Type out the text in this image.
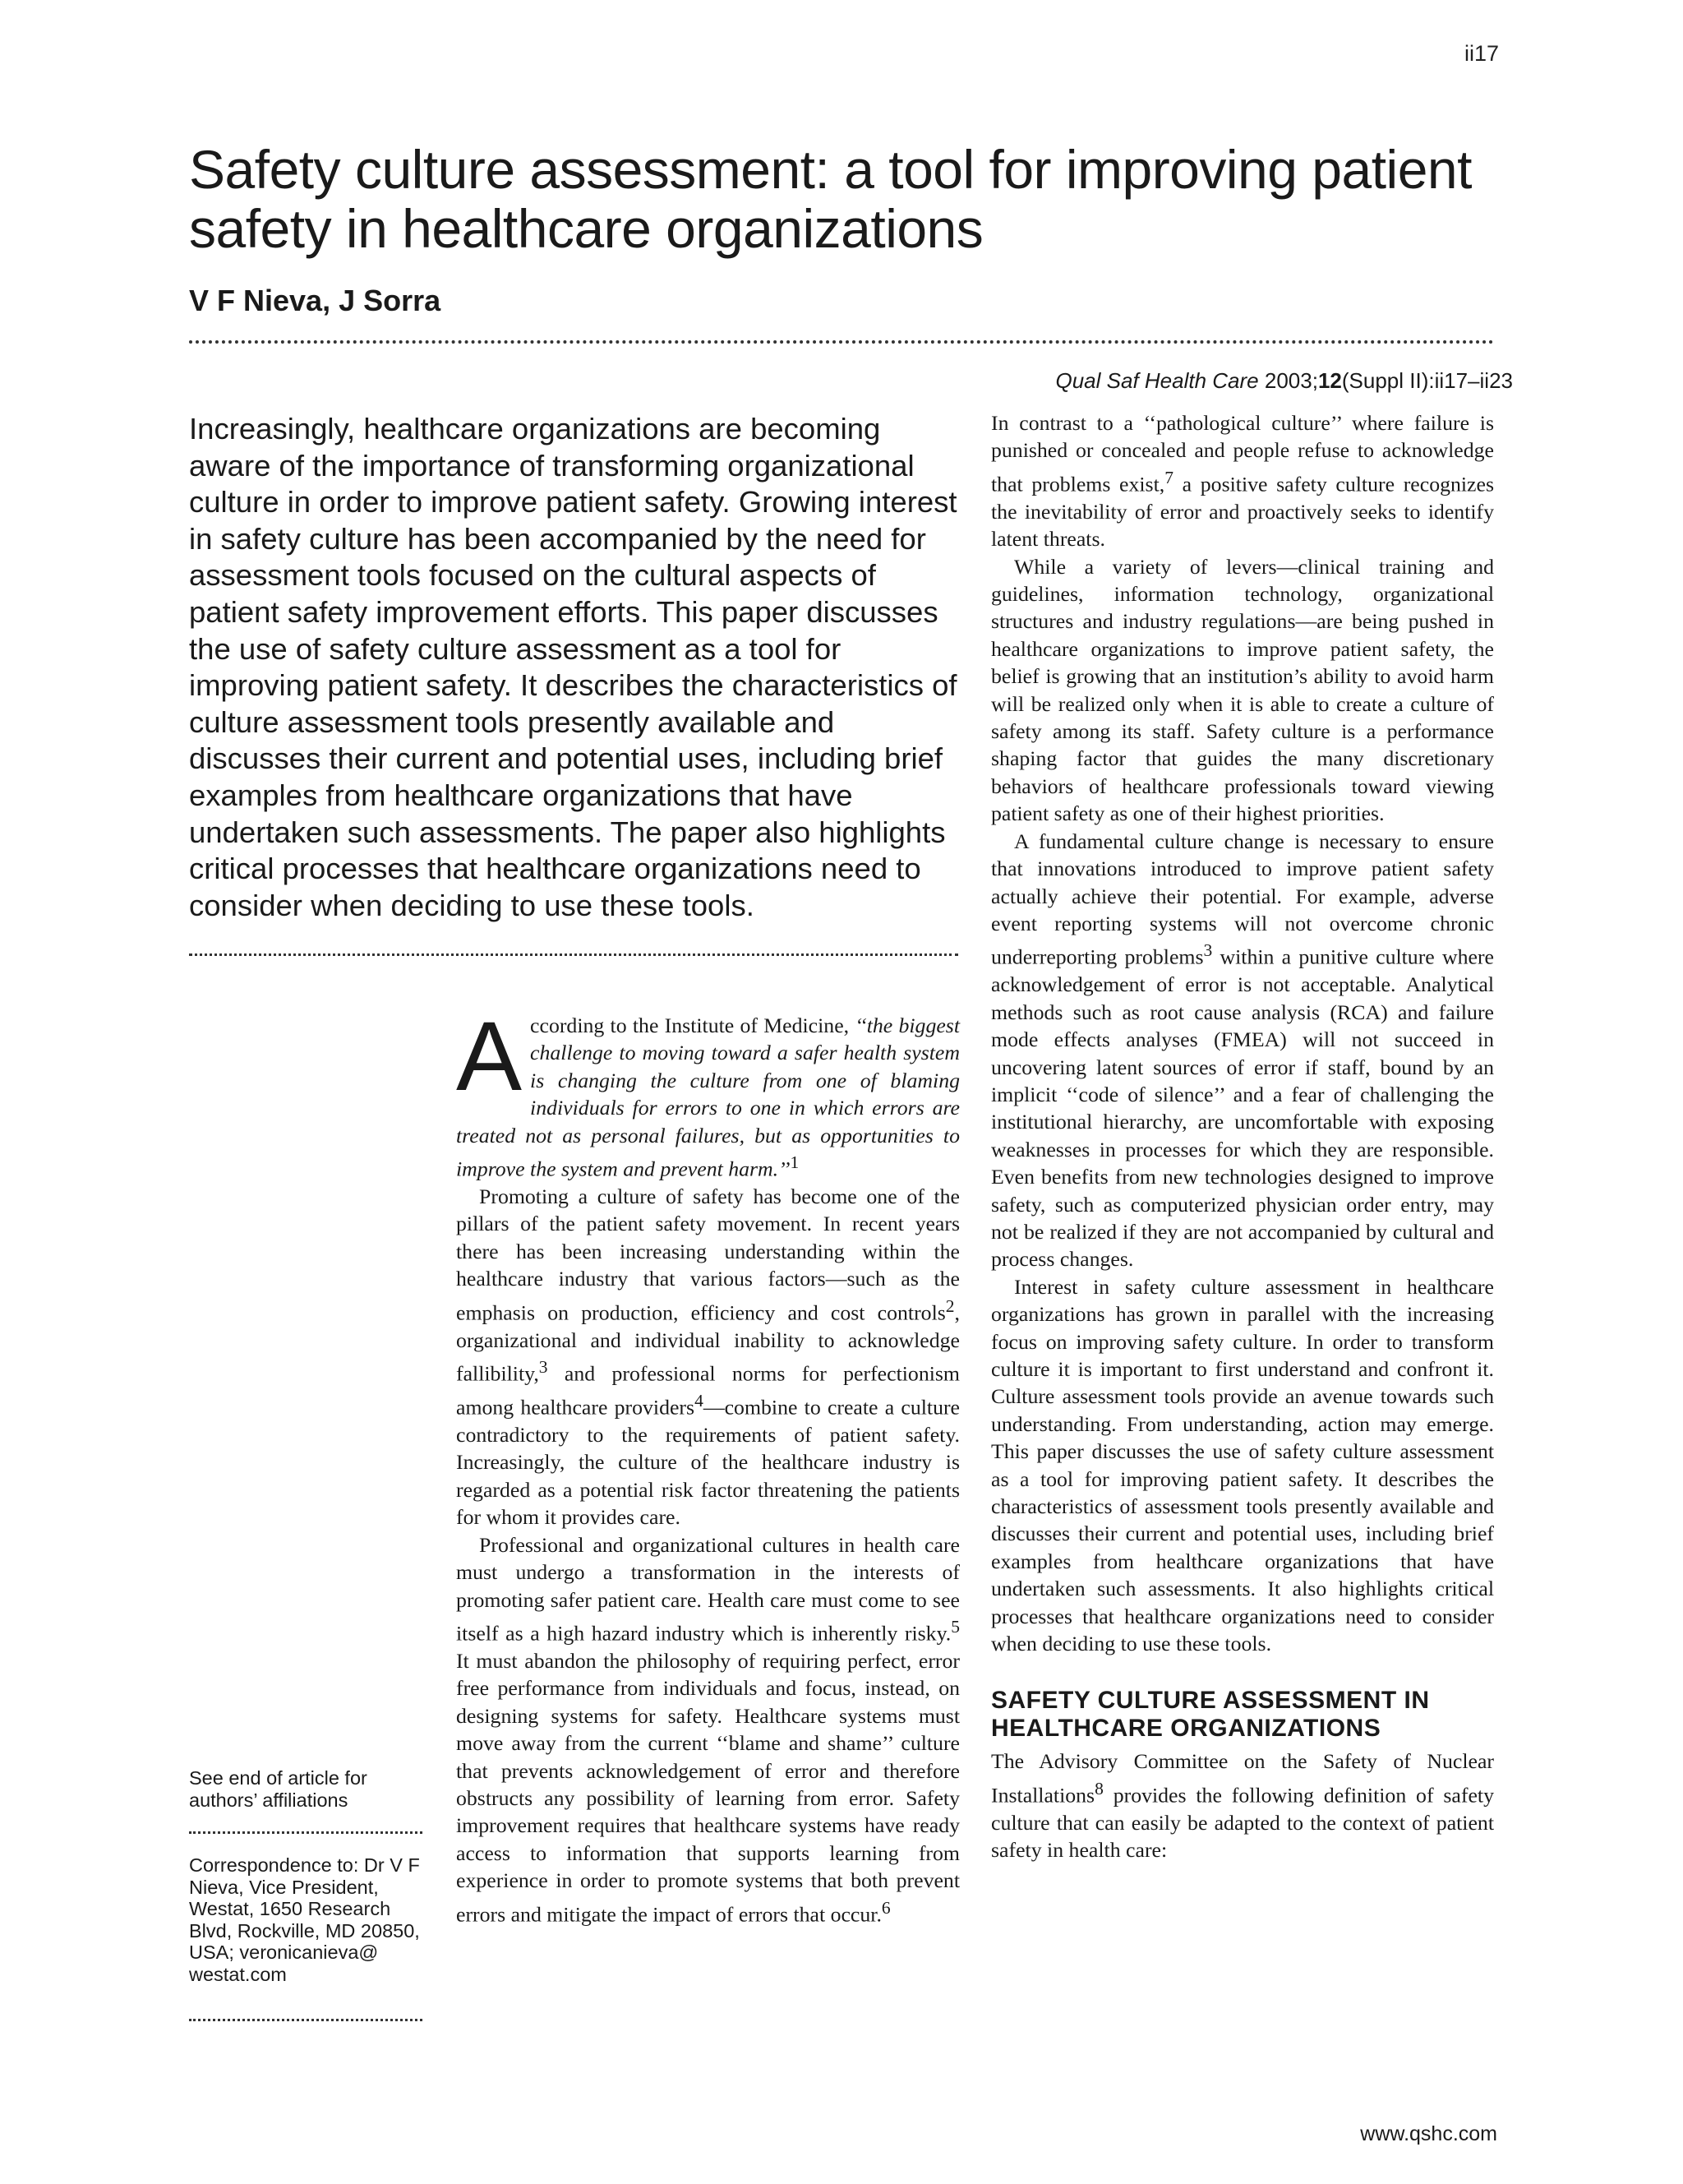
ii17
Safety culture assessment: a tool for improving patient safety in healthcare organizations

V F Nieva, J Sorra

Qual Saf Health Care 2003;12(Suppl II):ii17–ii23

Increasingly, healthcare organizations are becoming aware of the importance of transforming organizational culture in order to improve patient safety. Growing interest in safety culture has been accompanied by the need for assessment tools focused on the cultural aspects of patient safety improvement efforts. This paper discusses the use of safety culture assessment as a tool for improving patient safety. It describes the characteristics of culture assessment tools presently available and discusses their current and potential uses, including brief examples from healthcare organizations that have undertaken such assessments. The paper also highlights critical processes that healthcare organizations need to consider when deciding to use these tools.

According to the Institute of Medicine, ‘‘the biggest challenge to moving toward a safer health system is changing the culture from one of blaming individuals for errors to one in which errors are treated not as personal failures, but as opportunities to improve the system and prevent harm.’’$^1$

Promoting a culture of safety has become one of the pillars of the patient safety movement. In recent years there has been increasing understanding within the healthcare industry that various factors—such as the emphasis on production, efficiency and cost controls$^2$, organizational and individual inability to acknowledge fallibility,$^3$ and professional norms for perfectionism among healthcare providers$^4$—combine to create a culture contradictory to the requirements of patient safety. Increasingly, the culture of the healthcare industry is regarded as a potential risk factor threatening the patients for whom it provides care.

Professional and organizational cultures in health care must undergo a transformation in the interests of promoting safer patient care. Health care must come to see itself as a high hazard industry which is inherently risky.$^5$ It must abandon the philosophy of requiring perfect, error free performance from individuals and focus, instead, on designing systems for safety. Healthcare systems must move away from the current ‘‘blame and shame’’ culture that prevents acknowledgement of error and therefore obstructs any possibility of learning from error. Safety improvement requires that healthcare systems have ready access to information that supports learning from experience in order to promote systems that both prevent errors and mitigate the impact of errors that occur.$^6$

In contrast to a ‘‘pathological culture’’ where failure is punished or concealed and people refuse to acknowledge that problems exist,$^7$ a positive safety culture recognizes the inevitability of error and proactively seeks to identify latent threats.

While a variety of levers—clinical training and guidelines, information technology, organizational structures and industry regulations—are being pushed in healthcare organizations to improve patient safety, the belief is growing that an institution’s ability to avoid harm will be realized only when it is able to create a culture of safety among its staff. Safety culture is a performance shaping factor that guides the many discretionary behaviors of healthcare professionals toward viewing patient safety as one of their highest priorities.

A fundamental culture change is necessary to ensure that innovations introduced to improve patient safety actually achieve their potential. For example, adverse event reporting systems will not overcome chronic underreporting problems$^3$ within a punitive culture where acknowledgement of error is not acceptable. Analytical methods such as root cause analysis (RCA) and failure mode effects analyses (FMEA) will not succeed in uncovering latent sources of error if staff, bound by an implicit ‘‘code of silence’’ and a fear of challenging the institutional hierarchy, are uncomfortable with exposing weaknesses in processes for which they are responsible. Even benefits from new technologies designed to improve safety, such as computerized physician order entry, may not be realized if they are not accompanied by cultural and process changes.

Interest in safety culture assessment in healthcare organizations has grown in parallel with the increasing focus on improving safety culture. In order to transform culture it is important to first understand and confront it. Culture assessment tools provide an avenue towards such understanding. From understanding, action may emerge. This paper discusses the use of safety culture assessment as a tool for improving patient safety. It describes the characteristics of assessment tools presently available and discusses their current and potential uses, including brief examples from healthcare organizations that have undertaken such assessments. It also highlights critical processes that healthcare organizations need to consider when deciding to use these tools.

SAFETY CULTURE ASSESSMENT IN HEALTHCARE ORGANIZATIONS

The Advisory Committee on the Safety of Nuclear Installations$^8$ provides the following definition of safety culture that can easily be adapted to the context of patient safety in health care:

See end of article for authors’ affiliations

Correspondence to: Dr V F Nieva, Vice President, Westat, 1650 Research Blvd, Rockville, MD 20850, USA; veronicanieva@ westat.com

www.qshc.com
